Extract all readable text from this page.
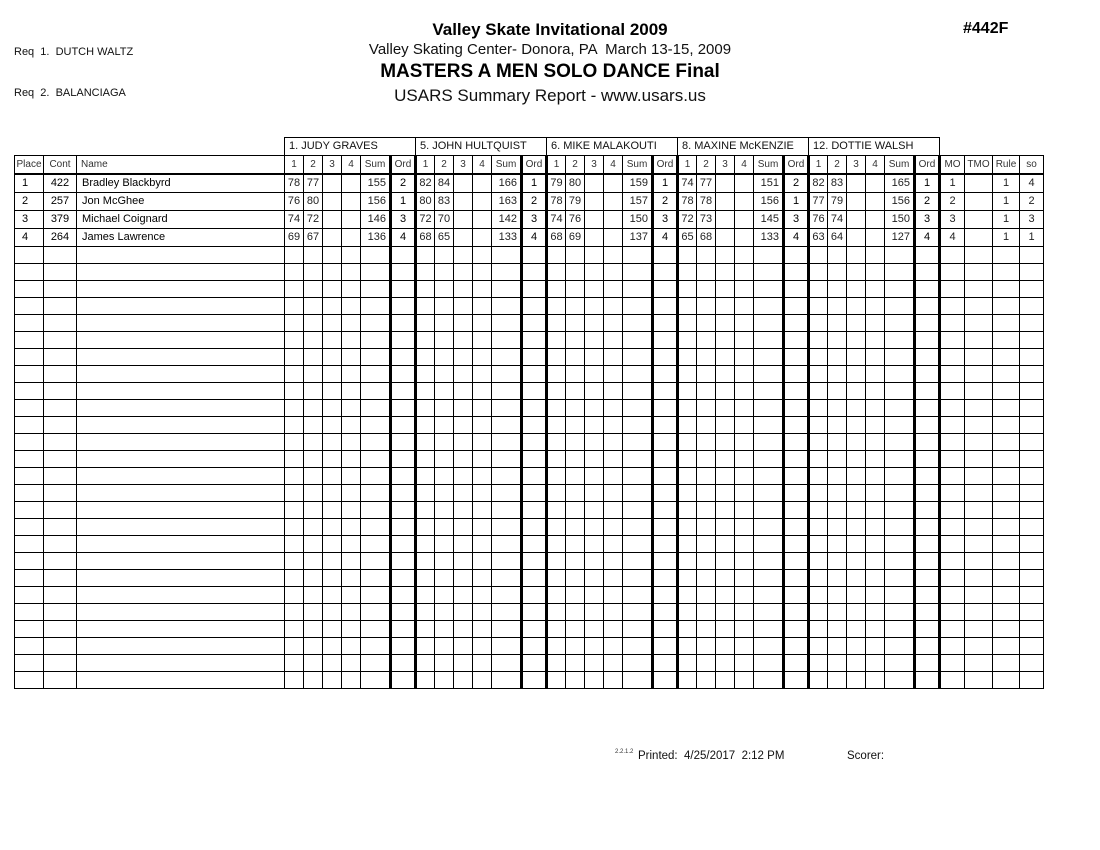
Req  1.  DUTCH WALTZ

Req  2.  BALANCIAGA

#442F
Valley Skate Invitational 2009
Valley Skating Center- Donora, PA  March 13-15, 2009
MASTERS A MEN SOLO DANCE Final
USARS Summary Report - www.usars.us
			1. JUDY GRAVES						5. JOHN HULTQUIST						6. MIKE MALAKOUTI						8. MAXINE McKENZIE						12. DOTTIE WALSH									
Place	Cont	Name	1	2	3	4	Sum	Ord	1	2	3	4	Sum	Ord	1	2	3	4	Sum	Ord	1	2	3	4	Sum	Ord	1	2	3	4	Sum	Ord	MO	TMO	Rule	so
1	422	Bradley Blackbyrd	78	77			155	2	82	84			166	1	79	80			159	1	74	77			151	2	82	83			165	1	1		1	4
2	257	Jon McGhee	76	80			156	1	80	83			163	2	78	79			157	2	78	78			156	1	77	79			156	2	2		1	2
3	379	Michael Coignard	74	72			146	3	72	70			142	3	74	76			150	3	72	73			145	3	76	74			150	3	3		1	3
4	264	James Lawrence	69	67			136	4	68	65			133	4	68	69			137	4	65	68			133	4	63	64			127	4	4		1	1

2.2.1.2 Printed:  4/25/2017  2:12 PM	Scorer:
